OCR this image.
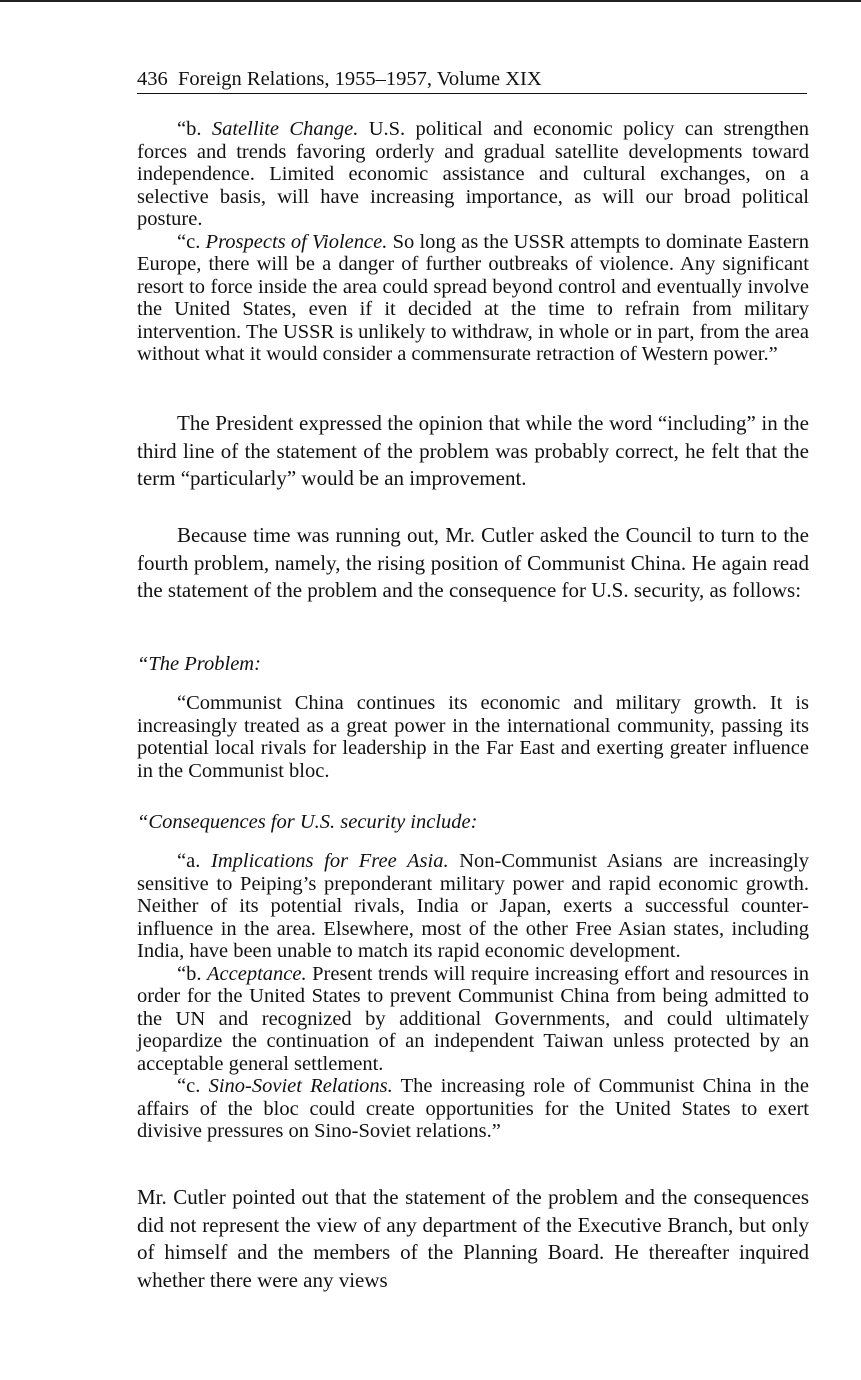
436 Foreign Relations, 1955–1957, Volume XIX

“b. Satellite Change. U.S. political and economic policy can strengthen forces and trends favoring orderly and gradual satellite developments toward independence. Limited economic assistance and cultural exchanges, on a selective basis, will have increasing importance, as will our broad political posture.

“c. Prospects of Violence. So long as the USSR attempts to dominate Eastern Europe, there will be a danger of further outbreaks of violence. Any significant resort to force inside the area could spread beyond control and eventually involve the United States, even if it decided at the time to refrain from military intervention. The USSR is unlikely to withdraw, in whole or in part, from the area without what it would consider a commensurate retraction of Western power.”

The President expressed the opinion that while the word “including” in the third line of the statement of the problem was probably correct, he felt that the term “particularly” would be an improvement.

Because time was running out, Mr. Cutler asked the Council to turn to the fourth problem, namely, the rising position of Communist China. He again read the statement of the problem and the consequence for U.S. security, as follows:

“The Problem:

“Communist China continues its economic and military growth. It is increasingly treated as a great power in the international community, passing its potential local rivals for leadership in the Far East and exerting greater influence in the Communist bloc.

“Consequences for U.S. security include:

“a. Implications for Free Asia. Non-Communist Asians are increasingly sensitive to Peiping’s preponderant military power and rapid economic growth. Neither of its potential rivals, India or Japan, exerts a successful counter-influence in the area. Elsewhere, most of the other Free Asian states, including India, have been unable to match its rapid economic development.

“b. Acceptance. Present trends will require increasing effort and resources in order for the United States to prevent Communist China from being admitted to the UN and recognized by additional Governments, and could ultimately jeopardize the continuation of an independent Taiwan unless protected by an acceptable general settlement.

“c. Sino-Soviet Relations. The increasing role of Communist China in the affairs of the bloc could create opportunities for the United States to exert divisive pressures on Sino-Soviet relations.”

Mr. Cutler pointed out that the statement of the problem and the consequences did not represent the view of any department of the Executive Branch, but only of himself and the members of the Planning Board. He thereafter inquired whether there were any views
